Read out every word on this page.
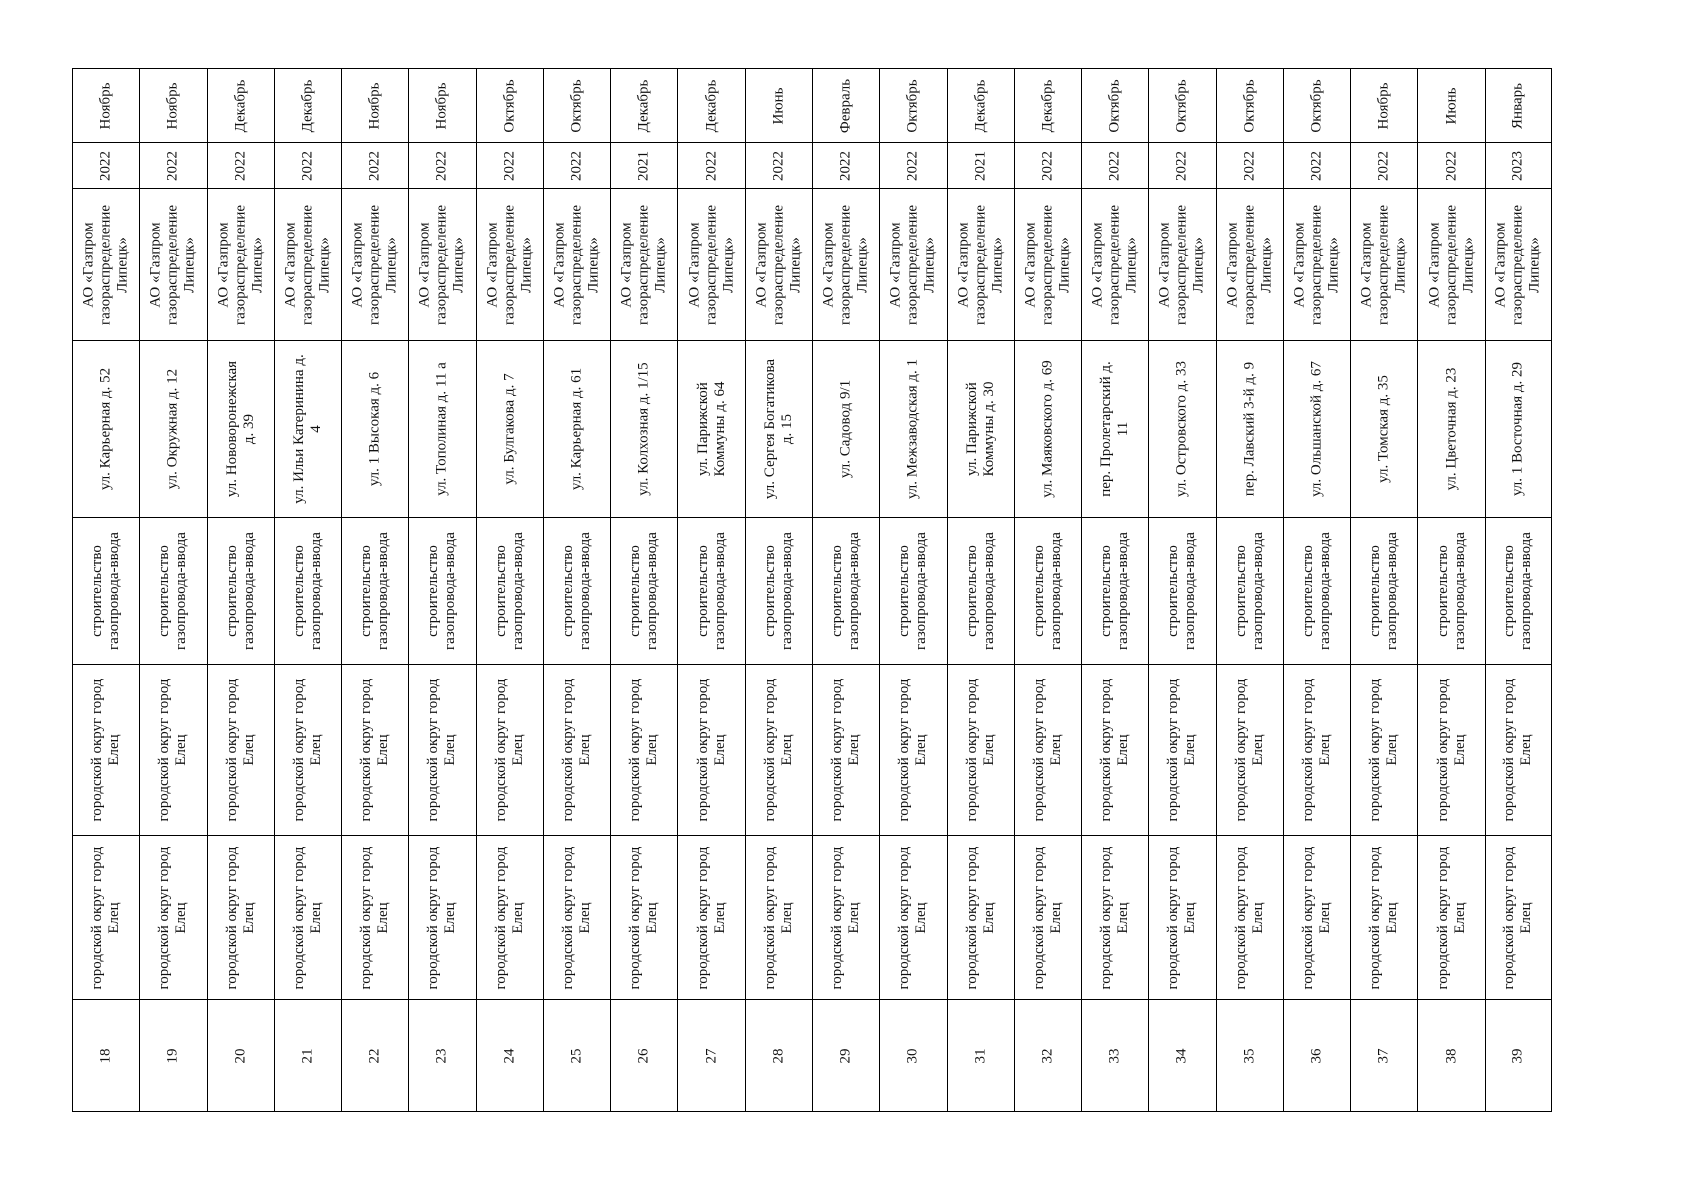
Ноябрь
2022
АО «Газпром газораспределение Липецк»
ул. Карьерная д. 52
строительство газопровода-ввода
городской округ город Елец
городской округ город Елец
18
Ноябрь
2022
АО «Газпром газораспределение Липецк»
ул. Окружная д. 12
строительство газопровода-ввода
городской округ город Елец
городской округ город Елец
19
Декабрь
2022
АО «Газпром газораспределение Липецк»
ул. Нововоронежская д. 39
строительство газопровода-ввода
городской округ город Елец
городской округ город Елец
20
Декабрь
2022
АО «Газпром газораспределение Липецк»
ул. Ильи Катеринина д. 4
строительство газопровода-ввода
городской округ город Елец
городской округ город Елец
21
Ноябрь
2022
АО «Газпром газораспределение Липецк»
ул. 1 Высокая д. 6
строительство газопровода-ввода
городской округ город Елец
городской округ город Елец
22
Ноябрь
2022
АО «Газпром газораспределение Липецк»
ул. Тополиная д. 11 а
строительство газопровода-ввода
городской округ город Елец
городской округ город Елец
23
Октябрь
2022
АО «Газпром газораспределение Липецк»
ул. Булгакова д. 7
строительство газопровода-ввода
городской округ город Елец
городской округ город Елец
24
Октябрь
2022
АО «Газпром газораспределение Липецк»
ул. Карьерная д. 61
строительство газопровода-ввода
городской округ город Елец
городской округ город Елец
25
Декабрь
2021
АО «Газпром газораспределение Липецк»
ул. Колхозная д. 1/15
строительство газопровода-ввода
городской округ город Елец
городской округ город Елец
26
Декабрь
2022
АО «Газпром газораспределение Липецк»
ул. Парижской Коммуны д. 64
строительство газопровода-ввода
городской округ город Елец
городской округ город Елец
27
Июнь
2022
АО «Газпром газораспределение Липецк»
ул. Сергея Богатикова д. 15
строительство газопровода-ввода
городской округ город Елец
городской округ город Елец
28
Февраль
2022
АО «Газпром газораспределение Липецк»
ул. Садовод 9/1
строительство газопровода-ввода
городской округ город Елец
городской округ город Елец
29
Октябрь
2022
АО «Газпром газораспределение Липецк»
ул. Межзаводская д. 1
строительство газопровода-ввода
городской округ город Елец
городской округ город Елец
30
Декабрь
2021
АО «Газпром газораспределение Липецк»
ул. Парижской Коммуны д. 30
строительство газопровода-ввода
городской округ город Елец
городской округ город Елец
31
Декабрь
2022
АО «Газпром газораспределение Липецк»
ул. Маяковского д. 69
строительство газопровода-ввода
городской округ город Елец
городской округ город Елец
32
Октябрь
2022
АО «Газпром газораспределение Липецк»
пер. Пролетарский д. 11
строительство газопровода-ввода
городской округ город Елец
городской округ город Елец
33
Октябрь
2022
АО «Газпром газораспределение Липецк»
ул. Островского д. 33
строительство газопровода-ввода
городской округ город Елец
городской округ город Елец
34
Октябрь
2022
АО «Газпром газораспределение Липецк»
пер. Лавский 3-й д. 9
строительство газопровода-ввода
городской округ город Елец
городской округ город Елец
35
Октябрь
2022
АО «Газпром газораспределение Липецк»
ул. Ольшанской д. 67
строительство газопровода-ввода
городской округ город Елец
городской округ город Елец
36
Ноябрь
2022
АО «Газпром газораспределение Липецк»
ул. Томская д. 35
строительство газопровода-ввода
городской округ город Елец
городской округ город Елец
37
Июнь
2022
АО «Газпром газораспределение Липецк»
ул. Цветочная д. 23
строительство газопровода-ввода
городской округ город Елец
городской округ город Елец
38
Январь
2023
АО «Газпром газораспределение Липецк»
ул. 1 Восточная д. 29
строительство газопровода-ввода
городской округ город Елец
городской округ город Елец
39
